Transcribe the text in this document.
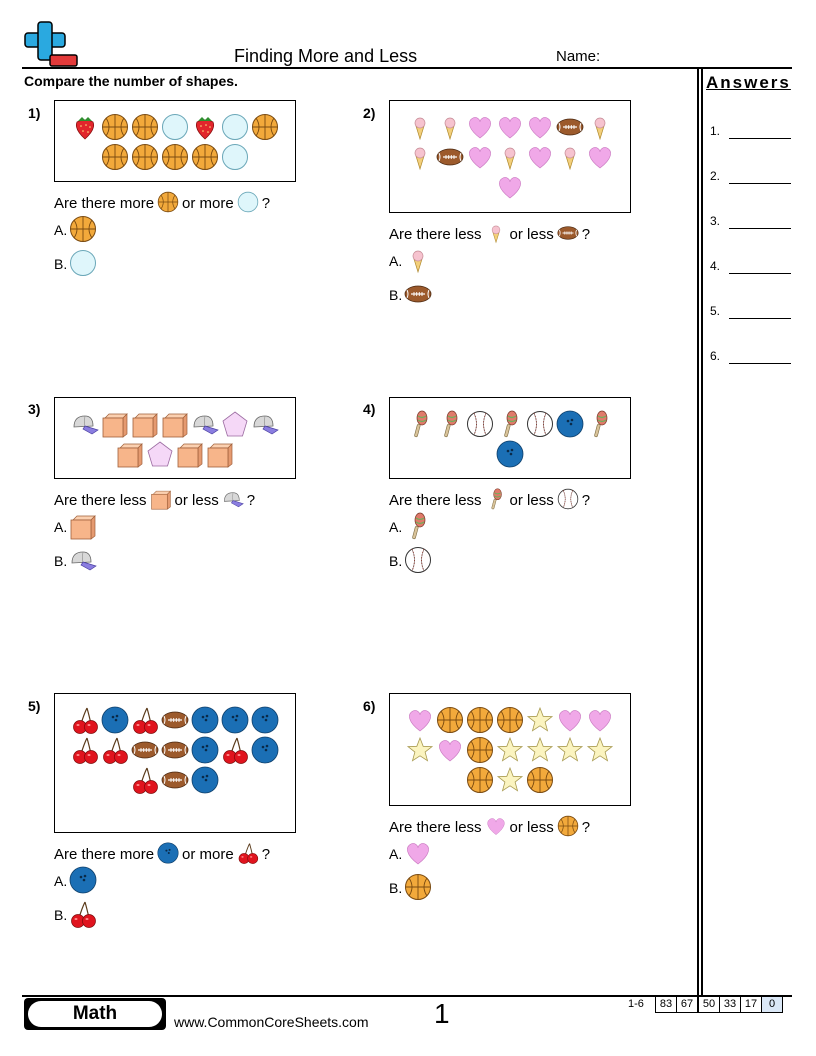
Finding More and Less	Name:
Compare the number of shapes.	Answers
1.
2.
3.
4.
5.
6.
1)
Are there more or more ?
A.
B.
2)
Are there less or less ?
A.
B.
3)
Are there less or less ?
A.
B.
4)
Are there less or less ?
A.
B.
5)
Are there more or more ?
A.
B.
6)
Are there less or less ?
A.
B.
Math	www.CommonCoreSheets.com 1	1-6	83 67 50 33 17	0
